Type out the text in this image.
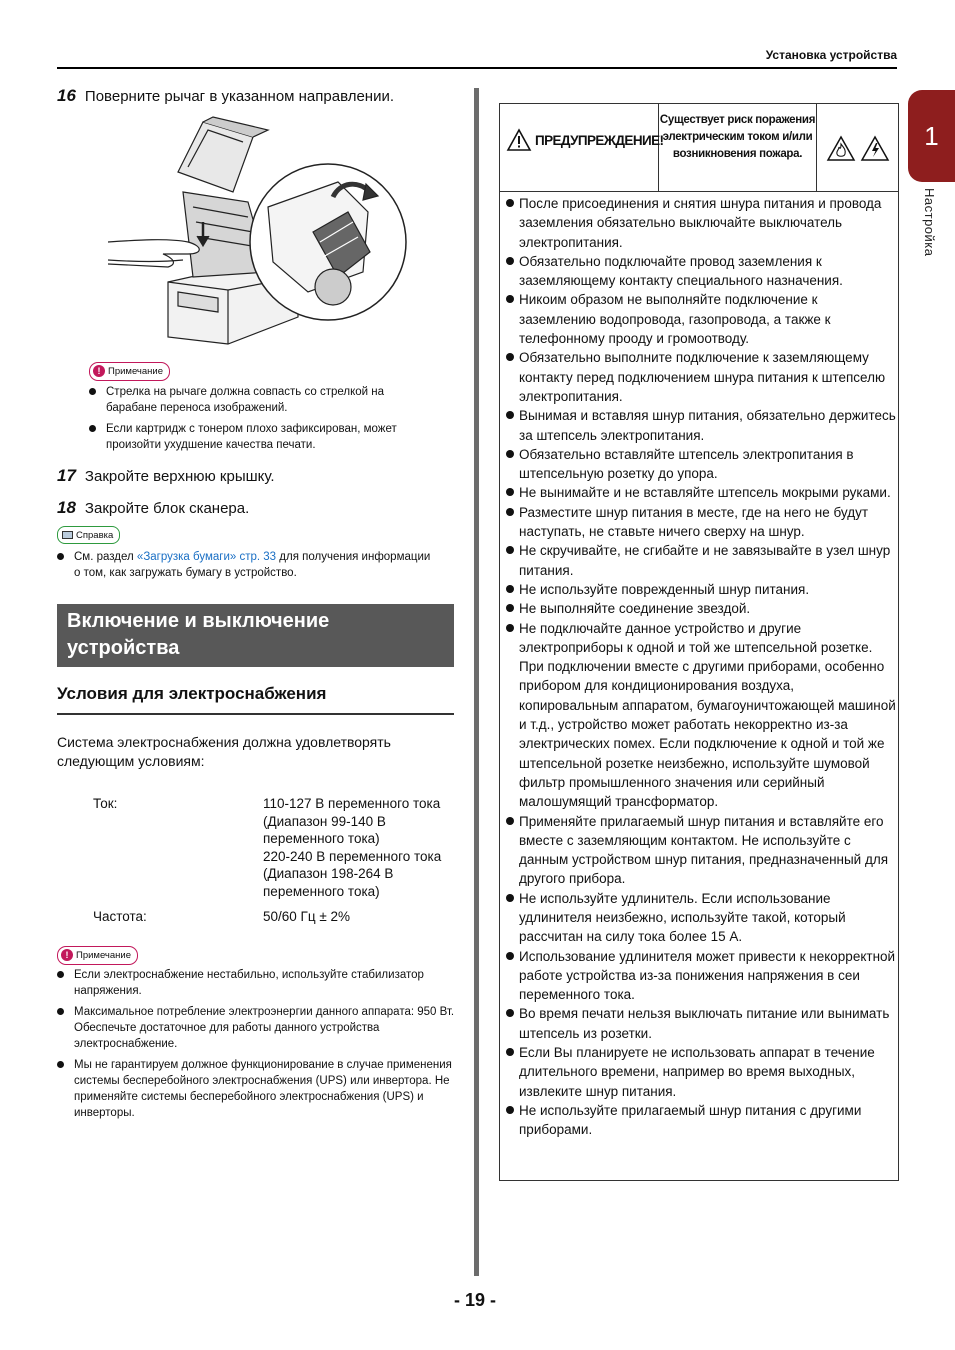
Установка устройства
1
Настройка
16 Поверните рычаг в указанном направлении.
! Примечание
Стрелка на рычаге должна совпасть со стрелкой на барабане переноса изображений.
Если картридж с тонером плохо зафиксирован, может произойти ухудшение качества печати.
17 Закройте верхнюю крышку.
18 Закройте блок сканера.
Справка
См. раздел «Загрузка бумаги» стр. 33 для получения информации о том, как загружать бумагу в устройство.
Включение и выключение устройства
Условия для электроснабжения
Система электроснабжения должна удовлетворять следующим условиям:
Ток:	110-127 В переменного тока
(Диапазон 99-140 В
переменного тока)
220-240 В переменного тока
(Диапазон 198-264 В
переменного тока)
Частота:	50/60 Гц ± 2%
! Примечание
Если электроснабжение нестабильно, используйте стабилизатор напряжения.
Максимальное потребление электроэнергии данного аппарата: 950 Вт. Обеспечьте достаточное для работы данного устройства электроснабжение.
Мы не гарантируем должное функционирование в случае применения системы бесперебойного электроснабжения (UPS) или инвертора. Не применяйте системы бесперебойного электроснабжения (UPS) и инверторы.
ПРЕДУПРЕЖДЕНИЕ!
Существует риск поражения электрическим током и/или возникновения пожара.
После присоединения и снятия шнура питания и провода заземления обязательно выключайте выключатель электропитания.
Обязательно подключайте провод заземления к заземляющему контакту специального назначения.
Никоим образом не выполняйте подключение к заземлению водопровода, газопровода, а также к телефонному прооду и громоотводу.
Обязательно выполните подключение к заземляющему контакту перед подключением шнура питания к штепселю электропитания.
Вынимая и вставляя шнур питания, обязательно держитесь за штепсель электропитания.
Обязательно вставляйте штепсель электропитания в штепсельную розетку до упора.
Не вынимайте и не вставляйте штепсель мокрыми руками.
Разместите шнур питания в месте, где на него не будут наступать, не ставьте ничего сверху на шнур.
Не скручивайте, не сгибайте и не завязывайте в узел шнур питания.
Не используйте поврежденный шнур питания.
Не выполняйте соединение звездой.
Не подключайте данное устройство и другие электроприборы к одной и той же штепсельной розетке. При подключении вместе с другими приборами, особенно прибором для кондиционирования воздуха, копировальным аппаратом, бумагоуничтожающей машиной и т.д., устройство может работать некорректно из-за электрических помех. Если подключение к одной и той же штепсельной розетке неизбежно, используйте шумовой фильтр промышленного значения или серийный малошумящий трансформатор.
Применяйте прилагаемый шнур питания и вставляйте его вместе с заземляющим контактом. Не используйте с данным устройством шнур питания, предназначенный для другого прибора.
Не используйте удлинитель. Если использование удлинителя неизбежно, используйте такой, который рассчитан на силу тока более 15 А.
Использование удлинителя может привести к некорректной работе устройства из-за понижения напряжения в сеи переменного тока.
Во время печати нельзя выключать питание или вынимать штепсель из розетки.
Если Вы планируете не использовать аппарат в течение длительного времени, например во время выходных, извлеките шнур питания.
Не используйте прилагаемый шнур питания с другими приборами.
- 19 -
